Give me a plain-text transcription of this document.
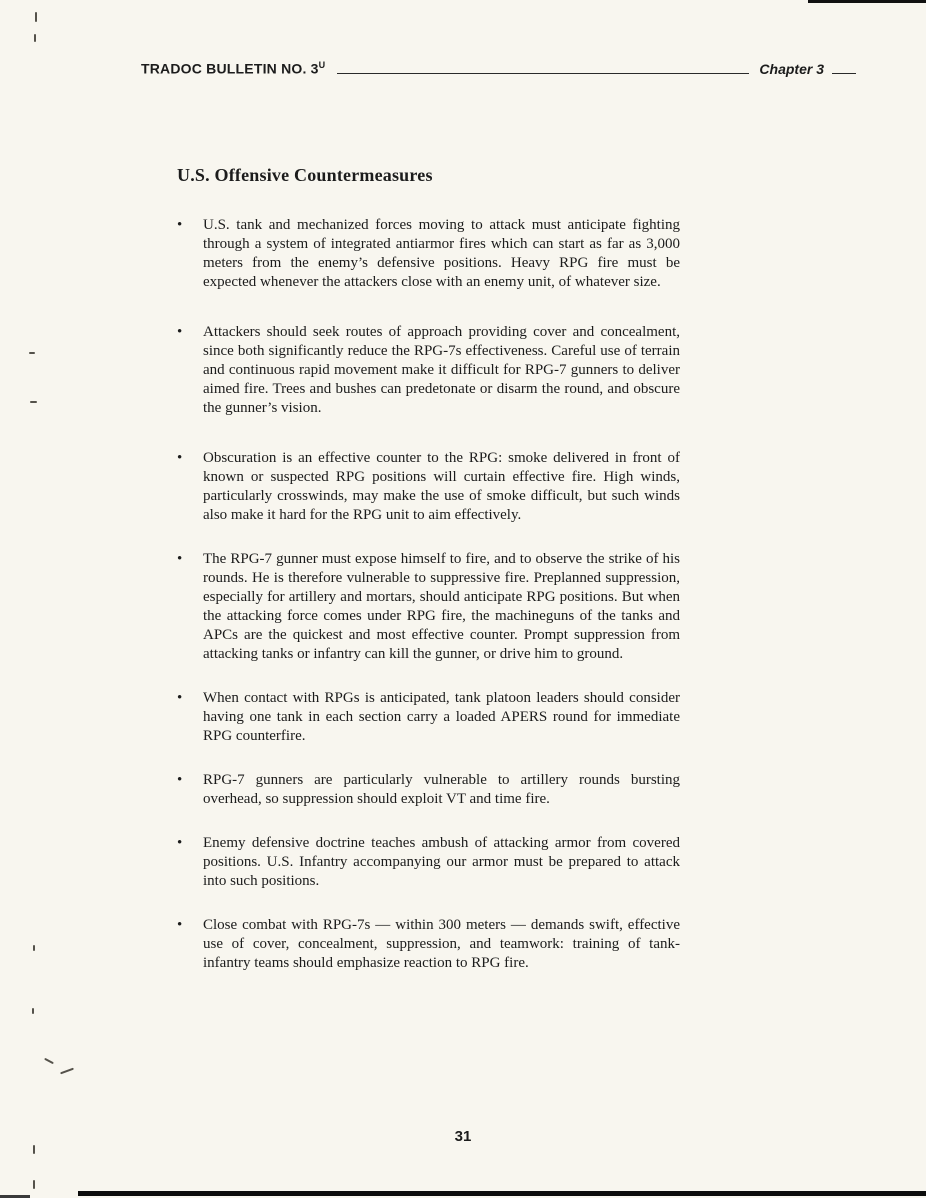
TRADOC BULLETIN NO. $3^U$	Chapter 3
U.S. Offensive Countermeasures
•	U.S. tank and mechanized forces moving to attack must anticipate fighting through a system of integrated antiarmor fires which can start as far as 3,000 meters from the enemy’s defensive positions. Heavy RPG fire must be expected whenever the attackers close with an enemy unit, of whatever size.

•	Attackers should seek routes of approach providing cover and concealment, since both significantly reduce the RPG-7s effectiveness. Careful use of terrain and continuous rapid movement make it difficult for RPG-7 gunners to deliver aimed fire. Trees and bushes can predetonate or disarm the round, and obscure the gunner’s vision.

•	Obscuration is an effective counter to the RPG: smoke delivered in front of known or suspected RPG positions will curtain effective fire. High winds, particularly crosswinds, may make the use of smoke difficult, but such winds also make it hard for the RPG unit to aim effectively.

•	The RPG-7 gunner must expose himself to fire, and to observe the strike of his rounds. He is therefore vulnerable to suppressive fire. Preplanned suppression, especially for artillery and mortars, should anticipate RPG positions. But when the attacking force comes under RPG fire, the machineguns of the tanks and APCs are the quickest and most effective counter. Prompt suppression from attacking tanks or infantry can kill the gunner, or drive him to ground.

•	When contact with RPGs is anticipated, tank platoon leaders should consider having one tank in each section carry a loaded APERS round for immediate RPG counterfire.

•	RPG-7 gunners are particularly vulnerable to artillery rounds bursting overhead, so suppression should exploit VT and time fire.

•	Enemy defensive doctrine teaches ambush of attacking armor from covered positions. U.S. Infantry accompanying our armor must be prepared to attack into such positions.

•	Close combat with RPG-7s — within 300 meters — demands swift, effective use of cover, concealment, suppression, and teamwork: training of tank-infantry teams should emphasize reaction to RPG fire.

31
